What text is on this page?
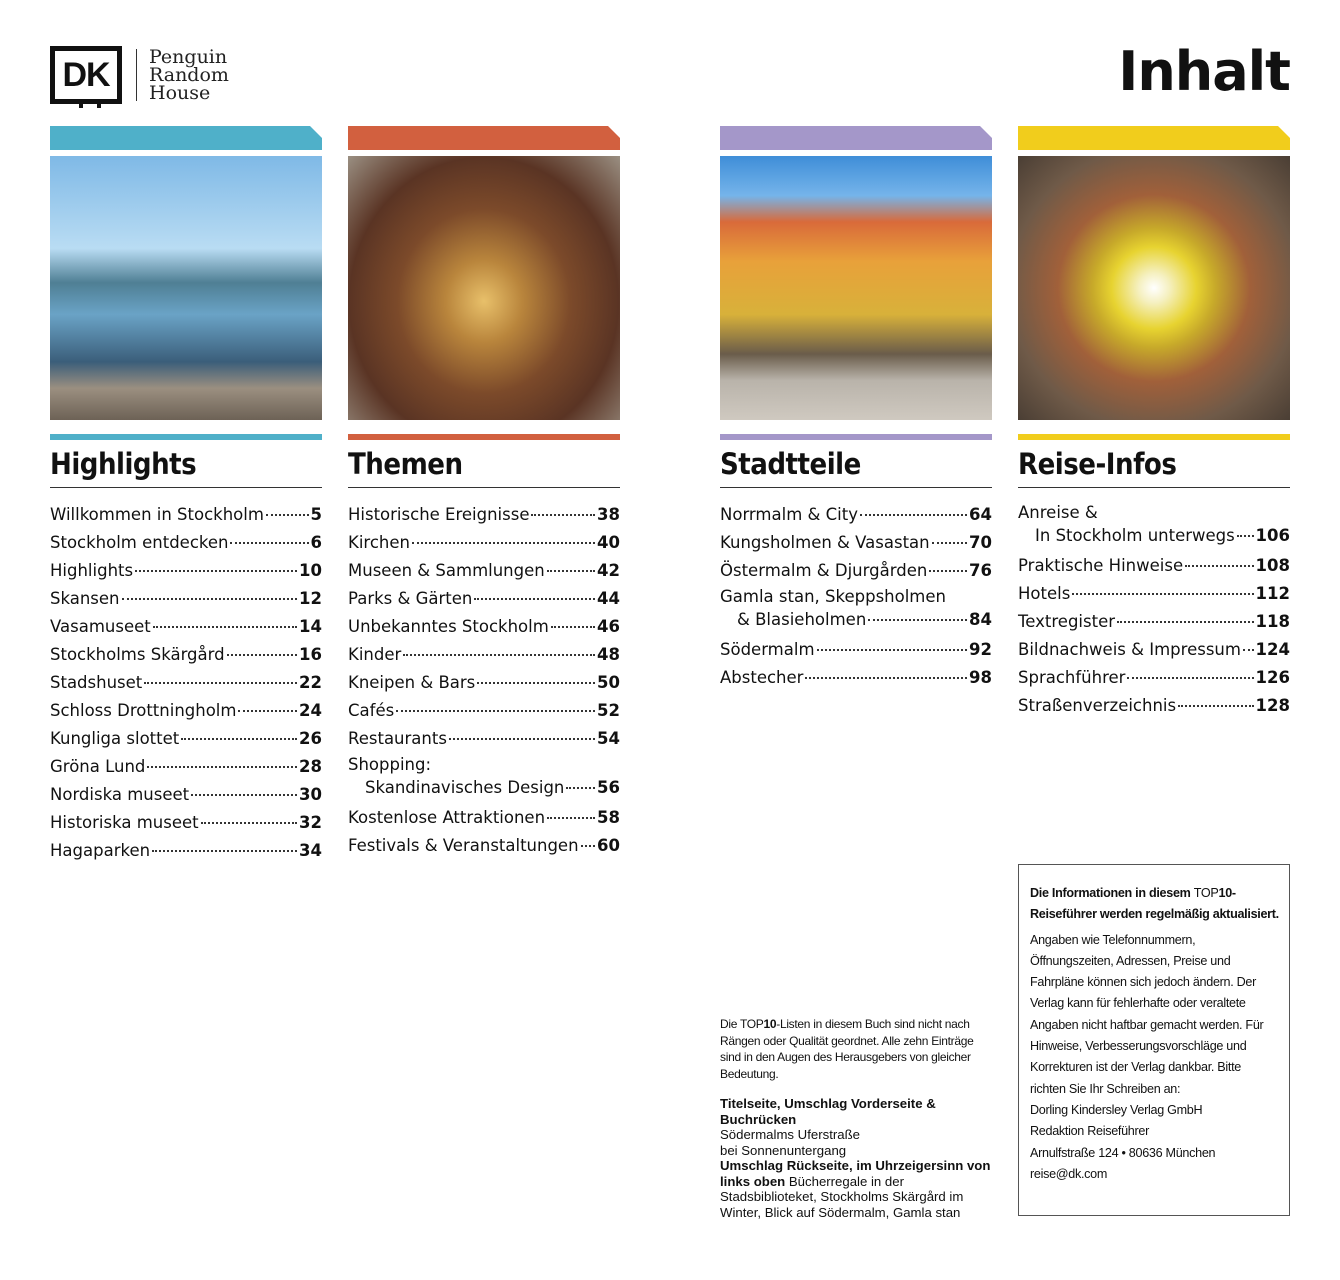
DK	Penguin
Random
House	Inhalt
Highlights
Willkommen in Stockholm	5
Stockholm entdecken	6
Highlights	10
Skansen	12
Vasamuseet	14
Stockholms Skärgård	16
Stadshuset	22
Schloss Drottningholm	24
Kungliga slottet	26
Gröna Lund	28
Nordiska museet	30
Historiska museet	32
Hagaparken	34
Themen
Historische Ereignisse	38
Kirchen	40
Museen & Sammlungen	42
Parks & Gärten	44
Unbekanntes Stockholm	46
Kinder	48
Kneipen & Bars	50
Cafés	52
Restaurants	54
Shopping:
Skandinavisches Design 56
Kostenlose Attraktionen	58
Festivals & Veranstaltungen 60
Stadtteile
Norrmalm & City	64
Kungsholmen & Vasastan 70
Östermalm & Djurgården	76
Gamla stan, Skeppsholmen
& Blasieholmen	84
Södermalm	92
Abstecher	98
Reise-Infos
Anreise &
In Stockholm unterwegs 106
Praktische Hinweise	108
Hotels	112
Textregister	118
Bildnachweis & Impressum 124
Sprachführer	126
Straßenverzeichnis	128
Die TOP10-Listen in diesem Buch sind nicht nach Rängen oder Qualität geordnet. Alle zehn Einträge sind in den Augen des Herausgebers von gleicher Bedeutung.
Titelseite, Umschlag Vorderseite & Buchrücken
Södermalms Uferstraße
bei Sonnenuntergang
Umschlag Rückseite, im Uhrzeigersinn von links oben Bücherregale in der Stadsbiblioteket, Stockholms Skärgård im Winter, Blick auf Södermalm, Gamla stan
Die Informationen in diesem TOP10- Reiseführer werden regelmäßig aktualisiert.
Angaben wie Telefonnummern, Öffnungszeiten, Adressen, Preise und Fahrpläne können sich jedoch ändern. Der Verlag kann für fehlerhafte oder veraltete Angaben nicht haftbar gemacht werden. Für Hinweise, Verbesserungsvorschläge und Korrekturen ist der Verlag dankbar. Bitte richten Sie Ihr Schreiben an:
Dorling Kindersley Verlag GmbH
Redaktion Reiseführer
Arnulfstraße 124 • 80636 München
reise@dk.com
